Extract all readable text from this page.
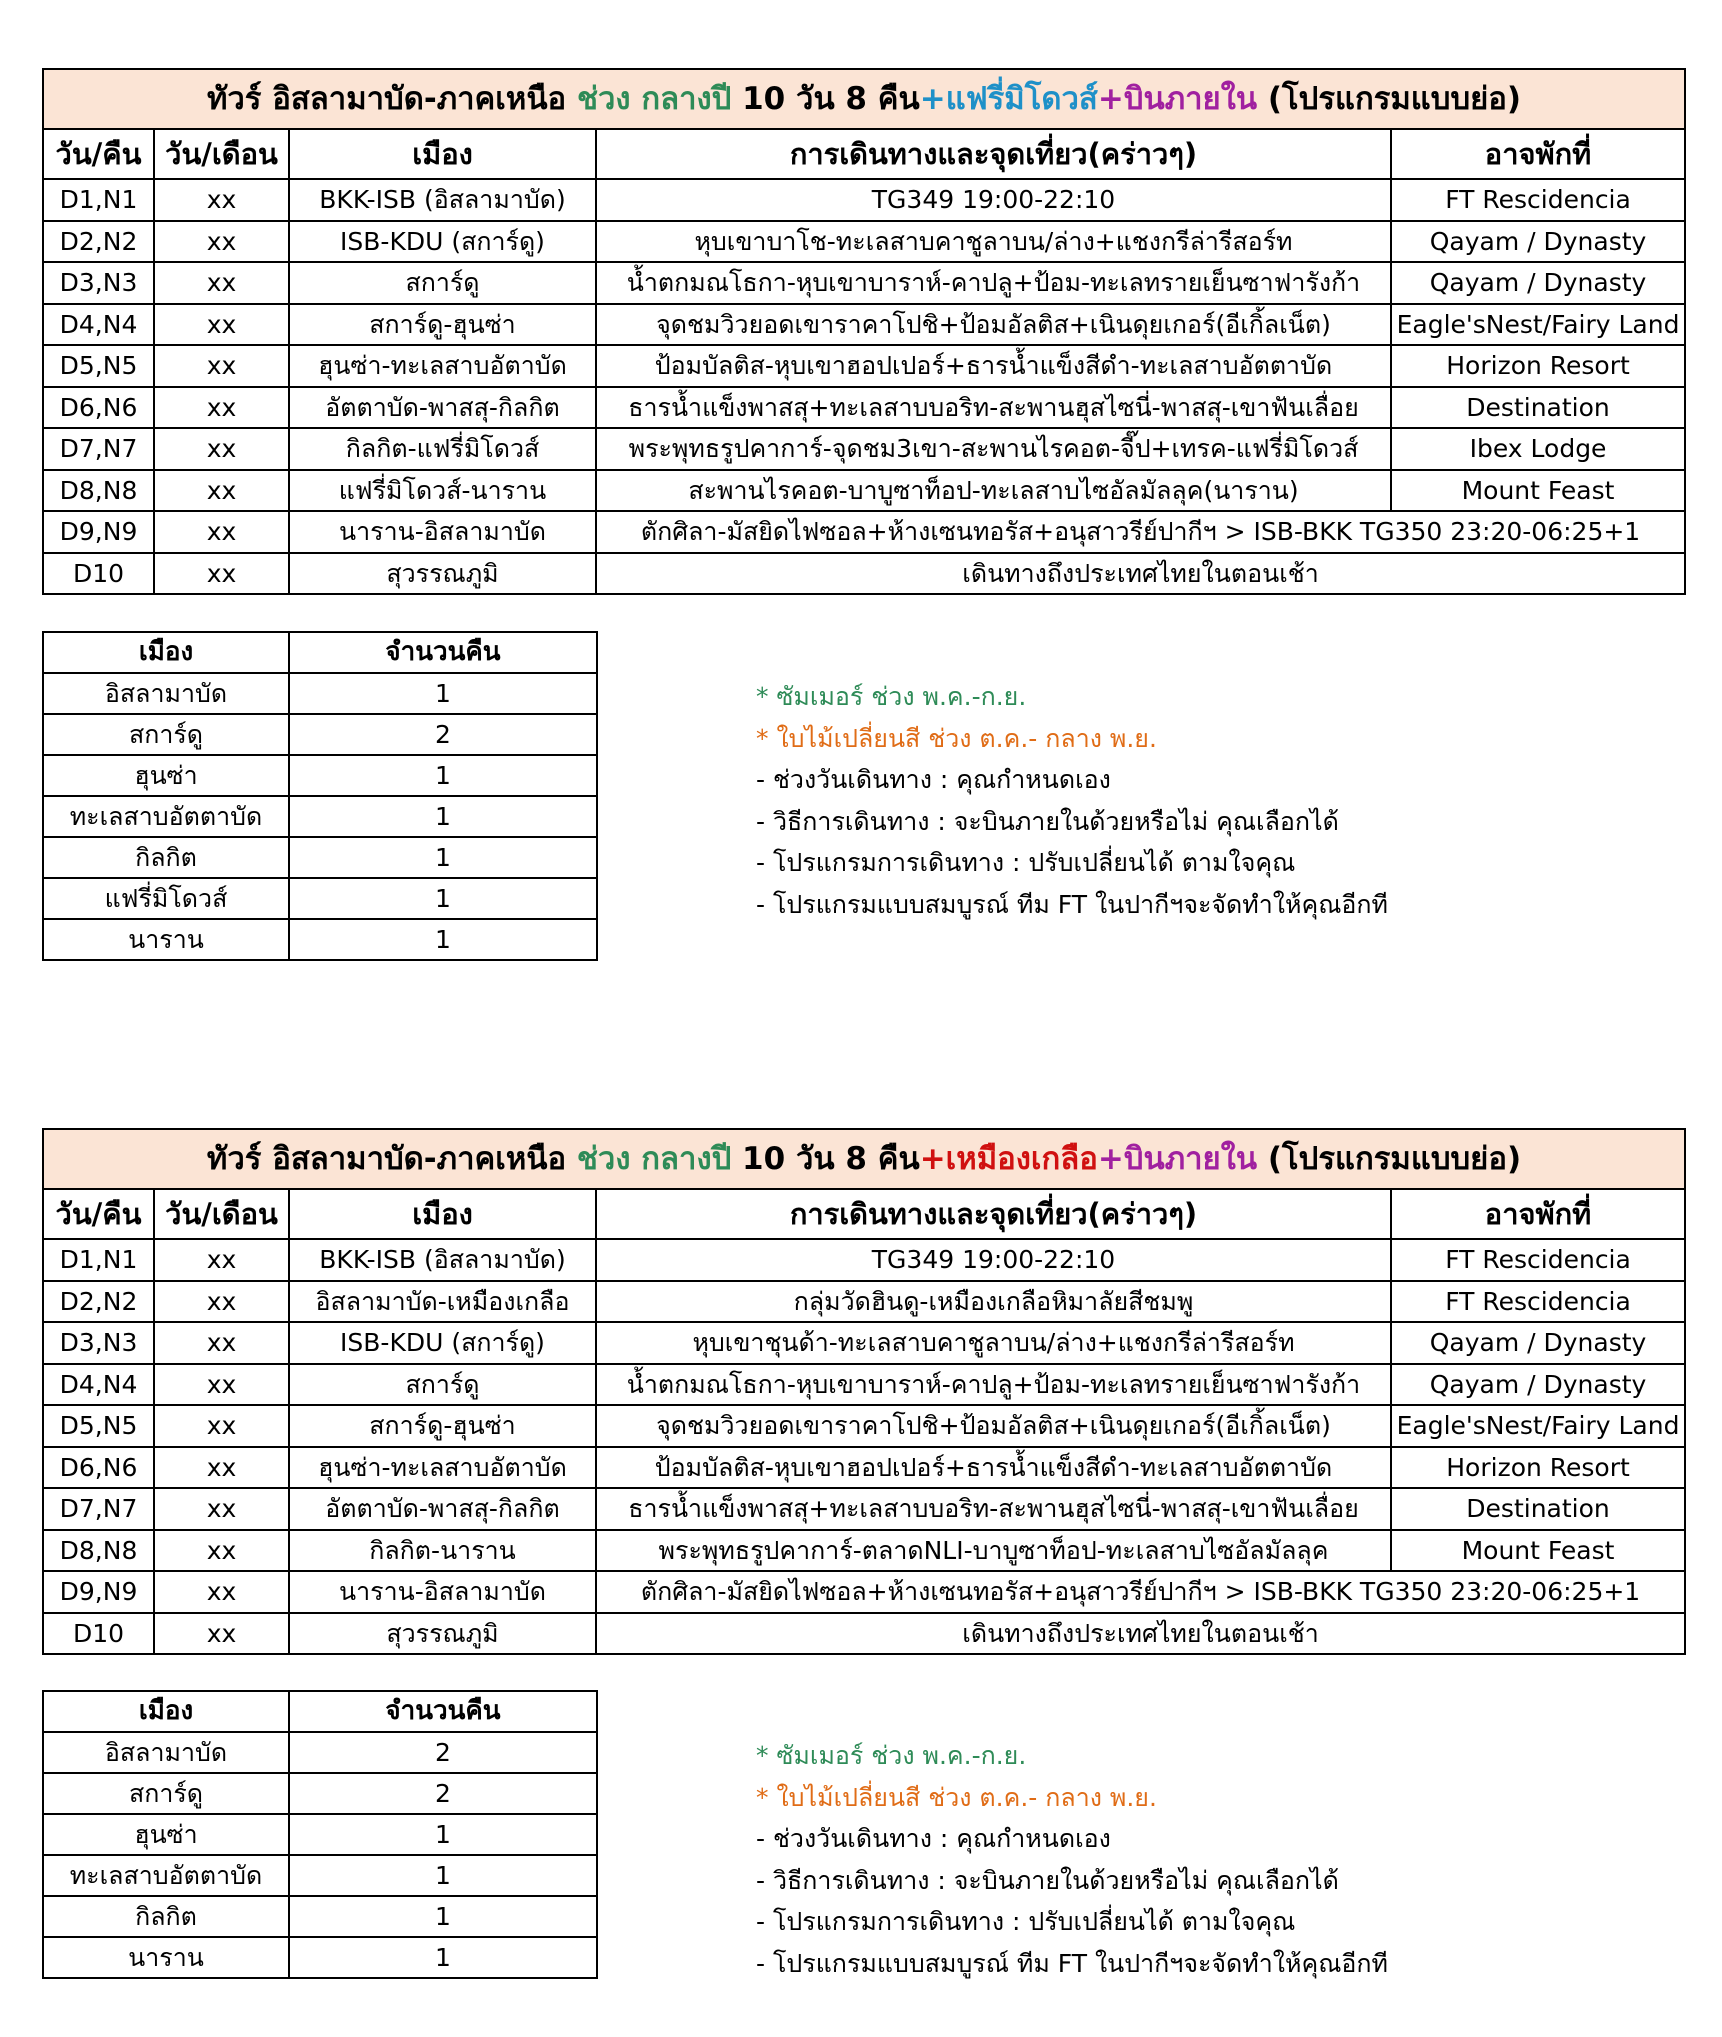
ทัวร์ อิสลามาบัด-ภาคเหนือ ช่วง กลางปี 10 วัน 8 คืน+แฟรี่มิโดวส์+บินภายใน (โปรแกรมแบบย่อ)				
วัน/คืน	วัน/เดือน	เมือง	การเดินทางและจุดเที่ยว(คร่าวๆ)	อาจพักที่
D1,N1	xx	BKK-ISB (อิสลามาบัด)	TG349 19:00-22:10	FT Rescidencia
D2,N2	xx	ISB-KDU (สการ์ดู)	หุบเขาบาโช-ทะเลสาบคาชูลาบน/ล่าง+แชงกรีล่ารีสอร์ท	Qayam / Dynasty
D3,N3	xx	สการ์ดู	น้ำตกมณโธกา-หุบเขาบาราห์-คาปลู+ป้อม-ทะเลทรายเย็นซาฟารังก้า	Qayam / Dynasty
D4,N4	xx	สการ์ดู-ฮุนซ่า	จุดชมวิวยอดเขาราคาโปชิ+ป้อมอัลติส+เนินดุยเกอร์(อีเกิ้ลเน็ต)	Eagle'sNest/Fairy Land
D5,N5	xx	ฮุนซ่า-ทะเลสาบอัตาบัด	ป้อมบัลติส-หุบเขาฮอปเปอร์+ธารน้ำแข็งสีดำ-ทะเลสาบอัตตาบัด	Horizon Resort
D6,N6	xx	อัตตาบัด-พาสสุ-กิลกิต	ธารน้ำแข็งพาสสุ+ทะเลสาบบอริท-สะพานฮุสไซนี่-พาสสุ-เขาฟันเลื่อย	Destination
D7,N7	xx	กิลกิต-แฟรี่มิโดวส์	พระพุทธรูปคาการ์-จุดชม3เขา-สะพานไรคอต-จี๊ป+เทรค-แฟรี่มิโดวส์	Ibex Lodge
D8,N8	xx	แฟรี่มิโดวส์-นาราน	สะพานไรคอต-บาบูซาท็อป-ทะเลสาบไซอัลมัลลุค(นาราน)	Mount Feast
D9,N9	xx	นาราน-อิสลามาบัด	ตักศิลา-มัสยิดไฟซอล+ห้างเซนทอรัส+อนุสาวรีย์ปากีฯ > ISB-BKK TG350 23:20-06:25+1	
D10	xx	สุวรรณภูมิ	เดินทางถึงประเทศไทยในตอนเช้า	
เมือง	จำนวนคืน
อิสลามาบัด	1
สการ์ดู	2
ฮุนซ่า	1
ทะเลสาบอัตตาบัด	1
กิลกิต	1
แฟรี่มิโดวส์	1
นาราน	1
* ซัมเมอร์ ช่วง พ.ค.-ก.ย.
* ใบไม้เปลี่ยนสี ช่วง ต.ค.- กลาง พ.ย.
- ช่วงวันเดินทาง : คุณกำหนดเอง
- วิธีการเดินทาง : จะบินภายในด้วยหรือไม่ คุณเลือกได้
- โปรแกรมการเดินทาง : ปรับเปลี่ยนได้ ตามใจคุณ
- โปรแกรมแบบสมบูรณ์ ทีม FT ในปากีฯจะจัดทำให้คุณอีกที
ทัวร์ อิสลามาบัด-ภาคเหนือ ช่วง กลางปี 10 วัน 8 คืน+เหมืองเกลือ+บินภายใน (โปรแกรมแบบย่อ)				
วัน/คืน	วัน/เดือน	เมือง	การเดินทางและจุดเที่ยว(คร่าวๆ)	อาจพักที่
D1,N1	xx	BKK-ISB (อิสลามาบัด)	TG349 19:00-22:10	FT Rescidencia
D2,N2	xx	อิสลามาบัด-เหมืองเกลือ	กลุ่มวัดฮินดู-เหมืองเกลือหิมาลัยสีชมพู	FT Rescidencia
D3,N3	xx	ISB-KDU (สการ์ดู)	หุบเขาชุนด้า-ทะเลสาบคาชูลาบน/ล่าง+แชงกรีล่ารีสอร์ท	Qayam / Dynasty
D4,N4	xx	สการ์ดู	น้ำตกมณโธกา-หุบเขาบาราห์-คาปลู+ป้อม-ทะเลทรายเย็นซาฟารังก้า	Qayam / Dynasty
D5,N5	xx	สการ์ดู-ฮุนซ่า	จุดชมวิวยอดเขาราคาโปชิ+ป้อมอัลติส+เนินดุยเกอร์(อีเกิ้ลเน็ต)	Eagle'sNest/Fairy Land
D6,N6	xx	ฮุนซ่า-ทะเลสาบอัตาบัด	ป้อมบัลติส-หุบเขาฮอปเปอร์+ธารน้ำแข็งสีดำ-ทะเลสาบอัตตาบัด	Horizon Resort
D7,N7	xx	อัตตาบัด-พาสสุ-กิลกิต	ธารน้ำแข็งพาสสุ+ทะเลสาบบอริท-สะพานฮุสไซนี่-พาสสุ-เขาฟันเลื่อย	Destination
D8,N8	xx	กิลกิต-นาราน	พระพุทธรูปคาการ์-ตลาดNLI-บาบูซาท็อป-ทะเลสาบไซอัลมัลลุค	Mount Feast
D9,N9	xx	นาราน-อิสลามาบัด	ตักศิลา-มัสยิดไฟซอล+ห้างเซนทอรัส+อนุสาวรีย์ปากีฯ > ISB-BKK TG350 23:20-06:25+1	
D10	xx	สุวรรณภูมิ	เดินทางถึงประเทศไทยในตอนเช้า	
เมือง	จำนวนคืน
อิสลามาบัด	2
สการ์ดู	2
ฮุนซ่า	1
ทะเลสาบอัตตาบัด	1
กิลกิต	1
นาราน	1
* ซัมเมอร์ ช่วง พ.ค.-ก.ย.
* ใบไม้เปลี่ยนสี ช่วง ต.ค.- กลาง พ.ย.
- ช่วงวันเดินทาง : คุณกำหนดเอง
- วิธีการเดินทาง : จะบินภายในด้วยหรือไม่ คุณเลือกได้
- โปรแกรมการเดินทาง : ปรับเปลี่ยนได้ ตามใจคุณ
- โปรแกรมแบบสมบูรณ์ ทีม FT ในปากีฯจะจัดทำให้คุณอีกที
